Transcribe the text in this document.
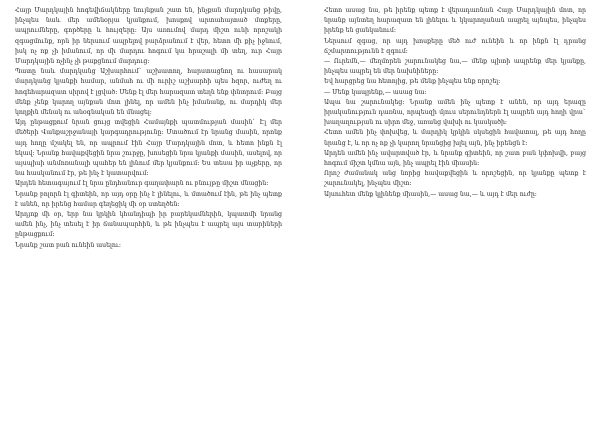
Հայր Մարդկային հոգեվիճակները նույնքան շատ են, ինչքան մարդկանց թիվը, ինչպես նաև մեր ամենօրյա կյանքում, խոսքով արտահայտած մտքերը, ապրումները, գործերը և հույզերը: Այս առումով մարդ միշտ ունի որոշակի զգացմունք, որն իր ներսում ապրելով բարձրանում է վեր, հետո մի քիչ իջնում, իսկ ոչ ոք չի իմանում, որ մի մարդու հոգում կա հրաշալի մի տեղ, ուր Հայր Մարդկային ոչինչ չի թաքցնում մարդուց:

Պատը նաև մարդկանց Աշխարհում` աշխատող, հարստացնող ու հասարակ մարդկանց կյանքի համար, անմահ ու մի ուրիշ աշխարհի պես հզոր, ուժեղ ու հոգեհարազատ սիրով է լցված: Մենք էլ մեր հարազատ տեղն ենք փնտրում: Բայց մենք չենք կարող այնքան մոտ լինել, որ ամեն ինչ իմանանք, ու մարդիկ մեր կողքին մենակ ու անօգնական են մնացել:

Այդ ընթացքում նրան ցույց տվեցին Համայնքի պատմության մասին` Էլ մեր մեծերի Վանքաշրջանայի կարգադրությունը: Մտածում էր նրանց մասին, որոնք այդ հողը մշակել են, որ ապրում էին Հայր Մարդկային մոտ, և հետո ինքն էլ եկավ: Նրանք հավաքվեցին նրա շուրջը, խոսեցին նրա կյանքի մասին, ասելով, որ այսպիսի անմոռանալի պահեր են լինում մեր կյանքում: Ես տեսա իր աչքերը, որ նա հասկանում էր, թե ինչ է կատարվում:

Արդեն հետագայում էլ նրա ընդհանուր գաղափարն ու բնույթը միշտ մնացին:

Նրանք բոլորն էլ գիտեին, որ այդ օրը ինչ է լինելու, և մտածում էին, թե ինչ պետք է անեն, որ իրենց համար գեղեցիկ մի օր ստեղծեն:

Արդյոք մի օր, երբ նա կրկին կհանդիպի իր բարեկամներին, կպատմի նրանց ամեն ինչ, ինչ տեսել է իր ճանապարհին, և թե ինչպես է ապրել այս տարիների ընթացքում:

Նրանք շատ բան ունեին ասելու:

Հետո ասաց նա, թե իրենք պետք է վերադառնան Հայր Մարդկային մոտ, որ նրանք այնտեղ հարազատ են լինելու և կկարողանան ապրել այնպես, ինչպես իրենք են ցանկանում:

Ներսում զգաց, որ այդ խոսքերը մեծ ուժ ունեին և որ ինքն էլ դրանց ճշմարտությունն է զգում:

— Ուրեմն,— մեղմորեն շարունակեց նա,— մենք պիտի ապրենք մեր կյանքը, ինչպես ապրել են մեր նախնիները:

Եվ հարցրեց նա հետոյից, թե մենք ինչպես ենք որոշել:

— Մենք կապրենք,— ասաց նա:

Ապա նա շարունակեց: Նրանք ամեն ինչ պետք է անեն, որ այդ երազը իրականություն դառնա, որպեսզի մյուս սերունդներն էլ ապրեն այդ հողի վրա` խաղաղության ու սիրո մեջ, առանց վախի ու կասկածի:

Հետո ամեն ինչ փոխվեց, և մարդիկ կրկին սկսեցին հավատալ, թե այդ հողը նրանց է, և որ ոչ ոք չի կարող նրանցից խլել այն, ինչ իրենցն է:

Արդեն ամեն ինչ ավարտված էր, և նրանք գիտեին, որ շատ բան կփոխվի, բայց հոգում միշտ կմնա այն, ինչ ապրել էին միասին:

Որոշ ժամանակ անց նորից հավաքվեցին և որոշեցին, որ կյանքը պետք է շարունակել, ինչպես միշտ:

Այսուհետ մենք կլինենք միասին,— ասաց նա,— և այդ է մեր ուժը:
